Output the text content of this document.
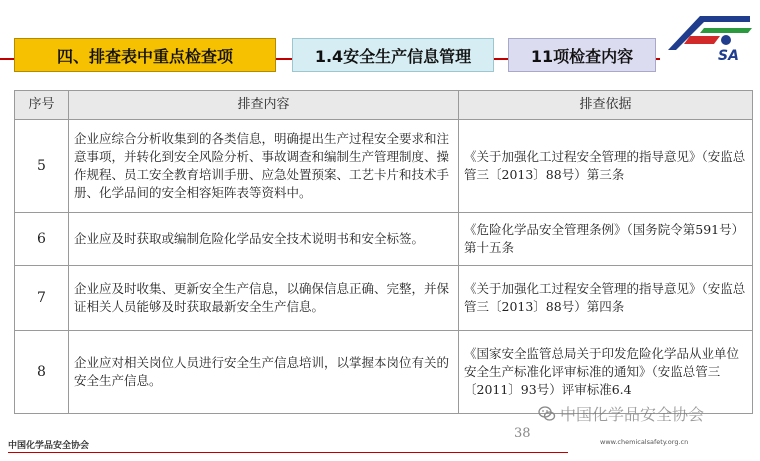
四、排查表中重点检查项	1.4安全生产信息管理	11项检查内容	SA
序号	排查内容	排查依据
5	企业应综合分析收集到的各类信息，明确提出生产过程安全要求和注意事项，并转化到安全风险分析、事故调查和编制生产管理制度、操作规程、员工安全教育培训手册、应急处置预案、工艺卡片和技术手册、化学品间的安全相容矩阵表等资料中。	《关于加强化工过程安全管理的指导意见》（安监总管三〔2013〕88号）第三条
6	企业应及时获取或编制危险化学品安全技术说明书和安全标签。	《危险化学品安全管理条例》（国务院令第591号）第十五条
7	企业应及时收集、更新安全生产信息，以确保信息正确、完整，并保证相关人员能够及时获取最新安全生产信息。	《关于加强化工过程安全管理的指导意见》（安监总管三〔2013〕88号）第四条
8	企业应对相关岗位人员进行安全生产信息培训，以掌握本岗位有关的安全生产信息。	《国家安全监管总局关于印发危险化学品从业单位安全生产标准化评审标准的通知》（安监总管三〔2011〕93号）评审标准6.4
中国化学品安全协会
38
中国化学品安全协会	www.chemicalsafety.org.cn
